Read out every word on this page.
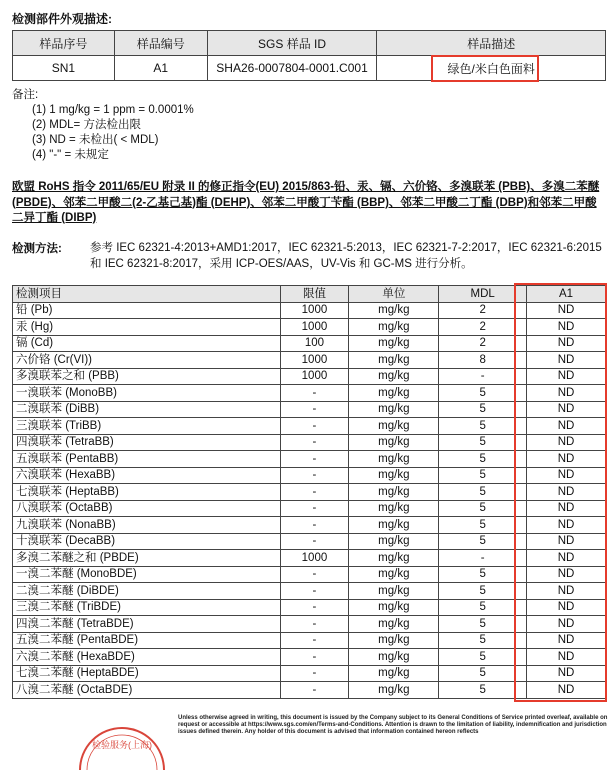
检测部件外观描述:
样品序号	样品编号	SGS 样品 ID	样品描述
SN1	A1	SHA26-0007804-0001.C001	绿色/米白色面料
备注:
(1) 1 mg/kg = 1 ppm = 0.0001%
(2) MDL= 方法检出限
(3) ND = 未检出( < MDL)
(4) "-" = 未规定
欧盟 RoHS 指令 2011/65/EU 附录 II 的修正指令(EU) 2015/863-铅、汞、镉、六价铬、多溴联苯 (PBB)、多溴二苯醚 (PBDE)、邻苯二甲酸二(2-乙基己基)酯 (DEHP)、邻苯二甲酸丁苄酯 (BBP)、邻苯二甲酸二丁酯 (DBP)和邻苯二甲酸二异丁酯 (DIBP)
检测方法: 参考 IEC 62321-4:2013+AMD1:2017，IEC 62321-5:2013，IEC 62321-7-2:2017，IEC 62321-6:2015 和 IEC 62321-8:2017，采用 ICP-OES/AAS，UV-Vis 和 GC-MS 进行分析。
检测项目	限值	单位	MDL	A1
铅 (Pb)	1000	mg/kg	2	ND
汞 (Hg)	1000	mg/kg	2	ND
镉 (Cd)	100	mg/kg	2	ND
六价铬 (Cr(VI))	1000	mg/kg	8	ND
多溴联苯之和 (PBB)	1000	mg/kg	-	ND
一溴联苯 (MonoBB)	-	mg/kg	5	ND
二溴联苯 (DiBB)	-	mg/kg	5	ND
三溴联苯 (TriBB)	-	mg/kg	5	ND
四溴联苯 (TetraBB)	-	mg/kg	5	ND
五溴联苯 (PentaBB)	-	mg/kg	5	ND
六溴联苯 (HexaBB)	-	mg/kg	5	ND
七溴联苯 (HeptaBB)	-	mg/kg	5	ND
八溴联苯 (OctaBB)	-	mg/kg	5	ND
九溴联苯 (NonaBB)	-	mg/kg	5	ND
十溴联苯 (DecaBB)	-	mg/kg	5	ND
多溴二苯醚之和 (PBDE)	1000	mg/kg	-	ND
一溴二苯醚 (MonoBDE)	-	mg/kg	5	ND
二溴二苯醚 (DiBDE)	-	mg/kg	5	ND
三溴二苯醚 (TriBDE)	-	mg/kg	5	ND
四溴二苯醚 (TetraBDE)	-	mg/kg	5	ND
五溴二苯醚 (PentaBDE)	-	mg/kg	5	ND
六溴二苯醚 (HexaBDE)	-	mg/kg	5	ND
七溴二苯醚 (HeptaBDE)	-	mg/kg	5	ND
八溴二苯醚 (OctaBDE)	-	mg/kg	5	ND
检验服务(上海)
Unless otherwise agreed in writing, this document is issued by the Company subject to its General Conditions of Service printed overleaf, available on request or accessible at https://www.sgs.com/en/Terms-and-Conditions. Attention is drawn to the limitation of liability, indemnification and jurisdiction issues defined therein. Any holder of this document is advised that information contained hereon reflects
